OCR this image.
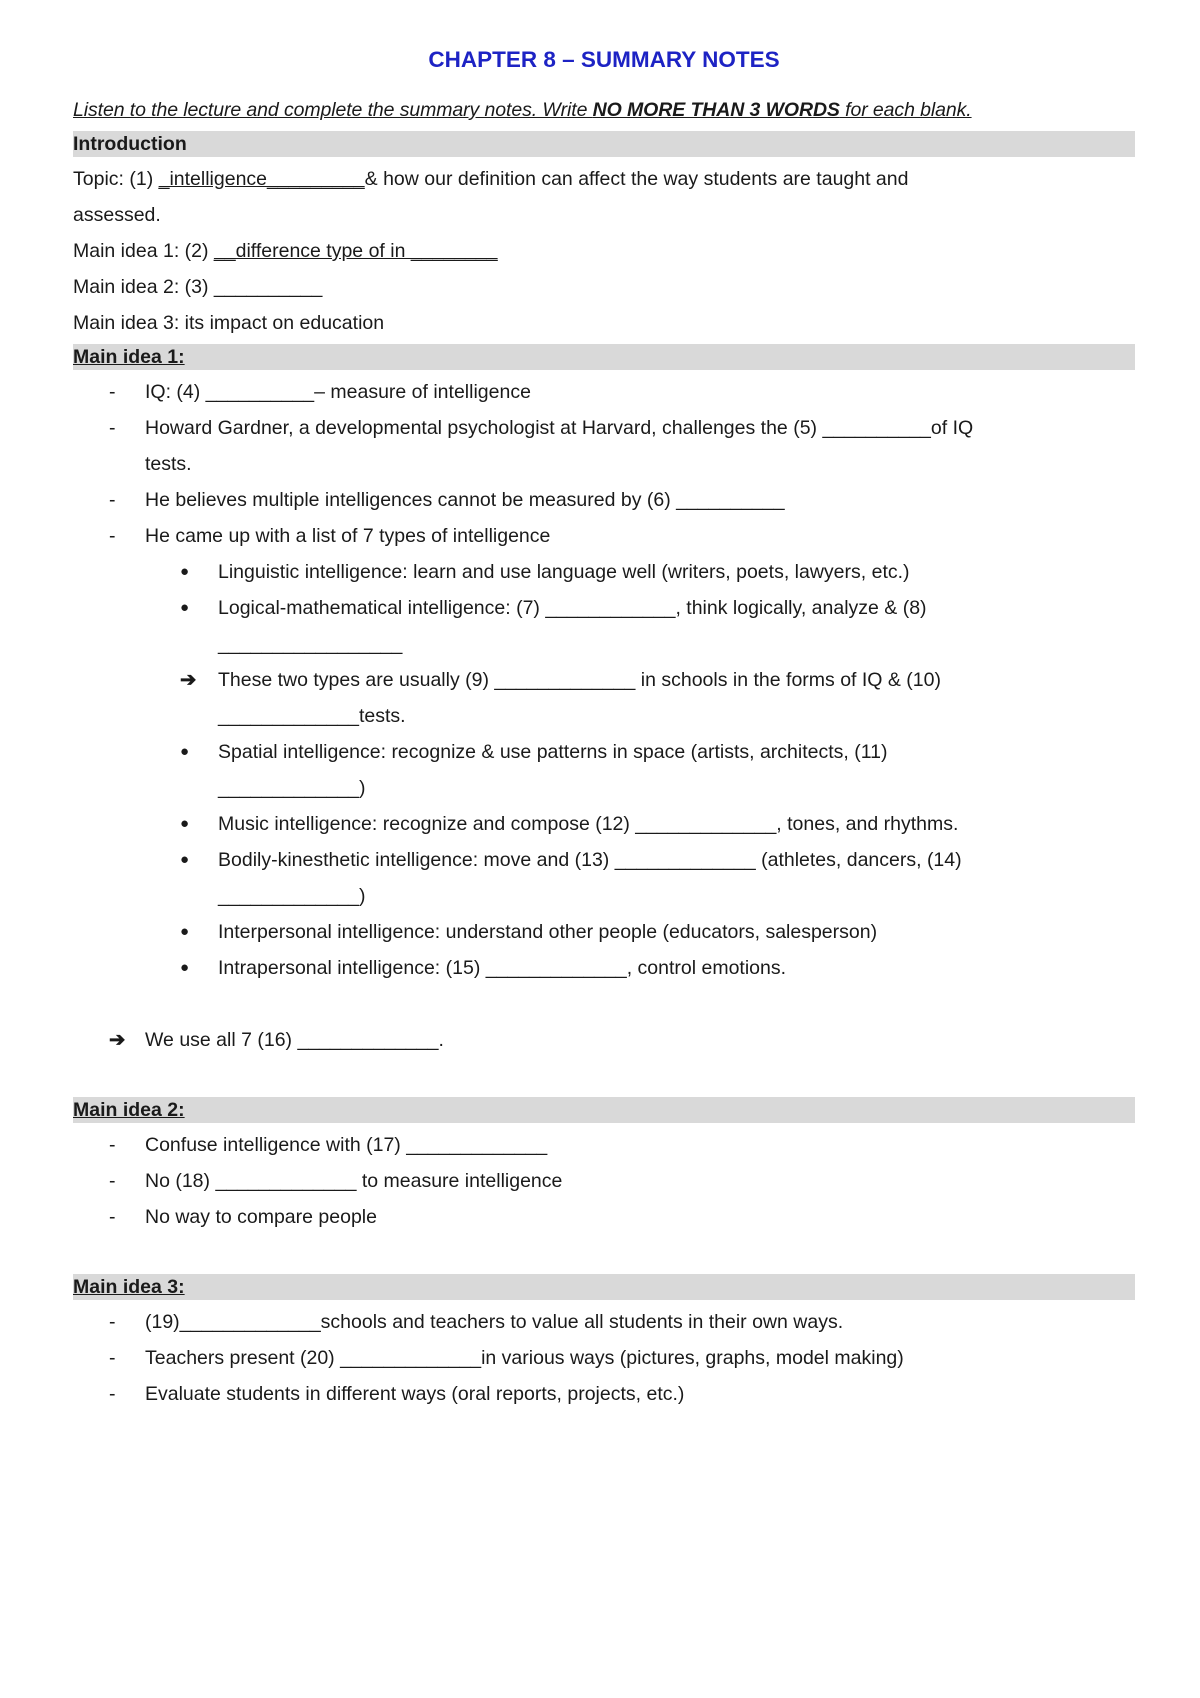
CHAPTER 8 – SUMMARY NOTES
Listen to the lecture and complete the summary notes. Write NO MORE THAN 3 WORDS for each blank.
Introduction
Topic: (1) _intelligence_________& how our definition can affect the way students are taught and
assessed.
Main idea 1: (2) __difference type of in ________
Main idea 2: (3) __________
Main idea 3: its impact on education
Main idea 1:
- IQ: (4) __________– measure of intelligence
- Howard Gardner, a developmental psychologist at Harvard, challenges the (5) __________of IQ
tests.
- He believes multiple intelligences cannot be measured by (6) __________
- He came up with a list of 7 types of intelligence
● Linguistic intelligence: learn and use language well (writers, poets, lawyers, etc.)
● Logical-mathematical intelligence: (7) ____________, think logically, analyze & (8)
_________________
➔ These two types are usually (9) _____________ in schools in the forms of IQ & (10)
_____________tests.
● Spatial intelligence: recognize & use patterns in space (artists, architects, (11)
_____________)
● Music intelligence: recognize and compose (12) _____________, tones, and rhythms.
● Bodily-kinesthetic intelligence: move and (13) _____________ (athletes, dancers, (14)
_____________)
● Interpersonal intelligence: understand other people (educators, salesperson)
● Intrapersonal intelligence: (15) _____________, control emotions.
➔ We use all 7 (16) _____________.
Main idea 2:
- Confuse intelligence with (17) _____________
- No (18) _____________ to measure intelligence
- No way to compare people
Main idea 3:
- (19)_____________schools and teachers to value all students in their own ways.
- Teachers present (20) _____________in various ways (pictures, graphs, model making)
- Evaluate students in different ways (oral reports, projects, etc.)
